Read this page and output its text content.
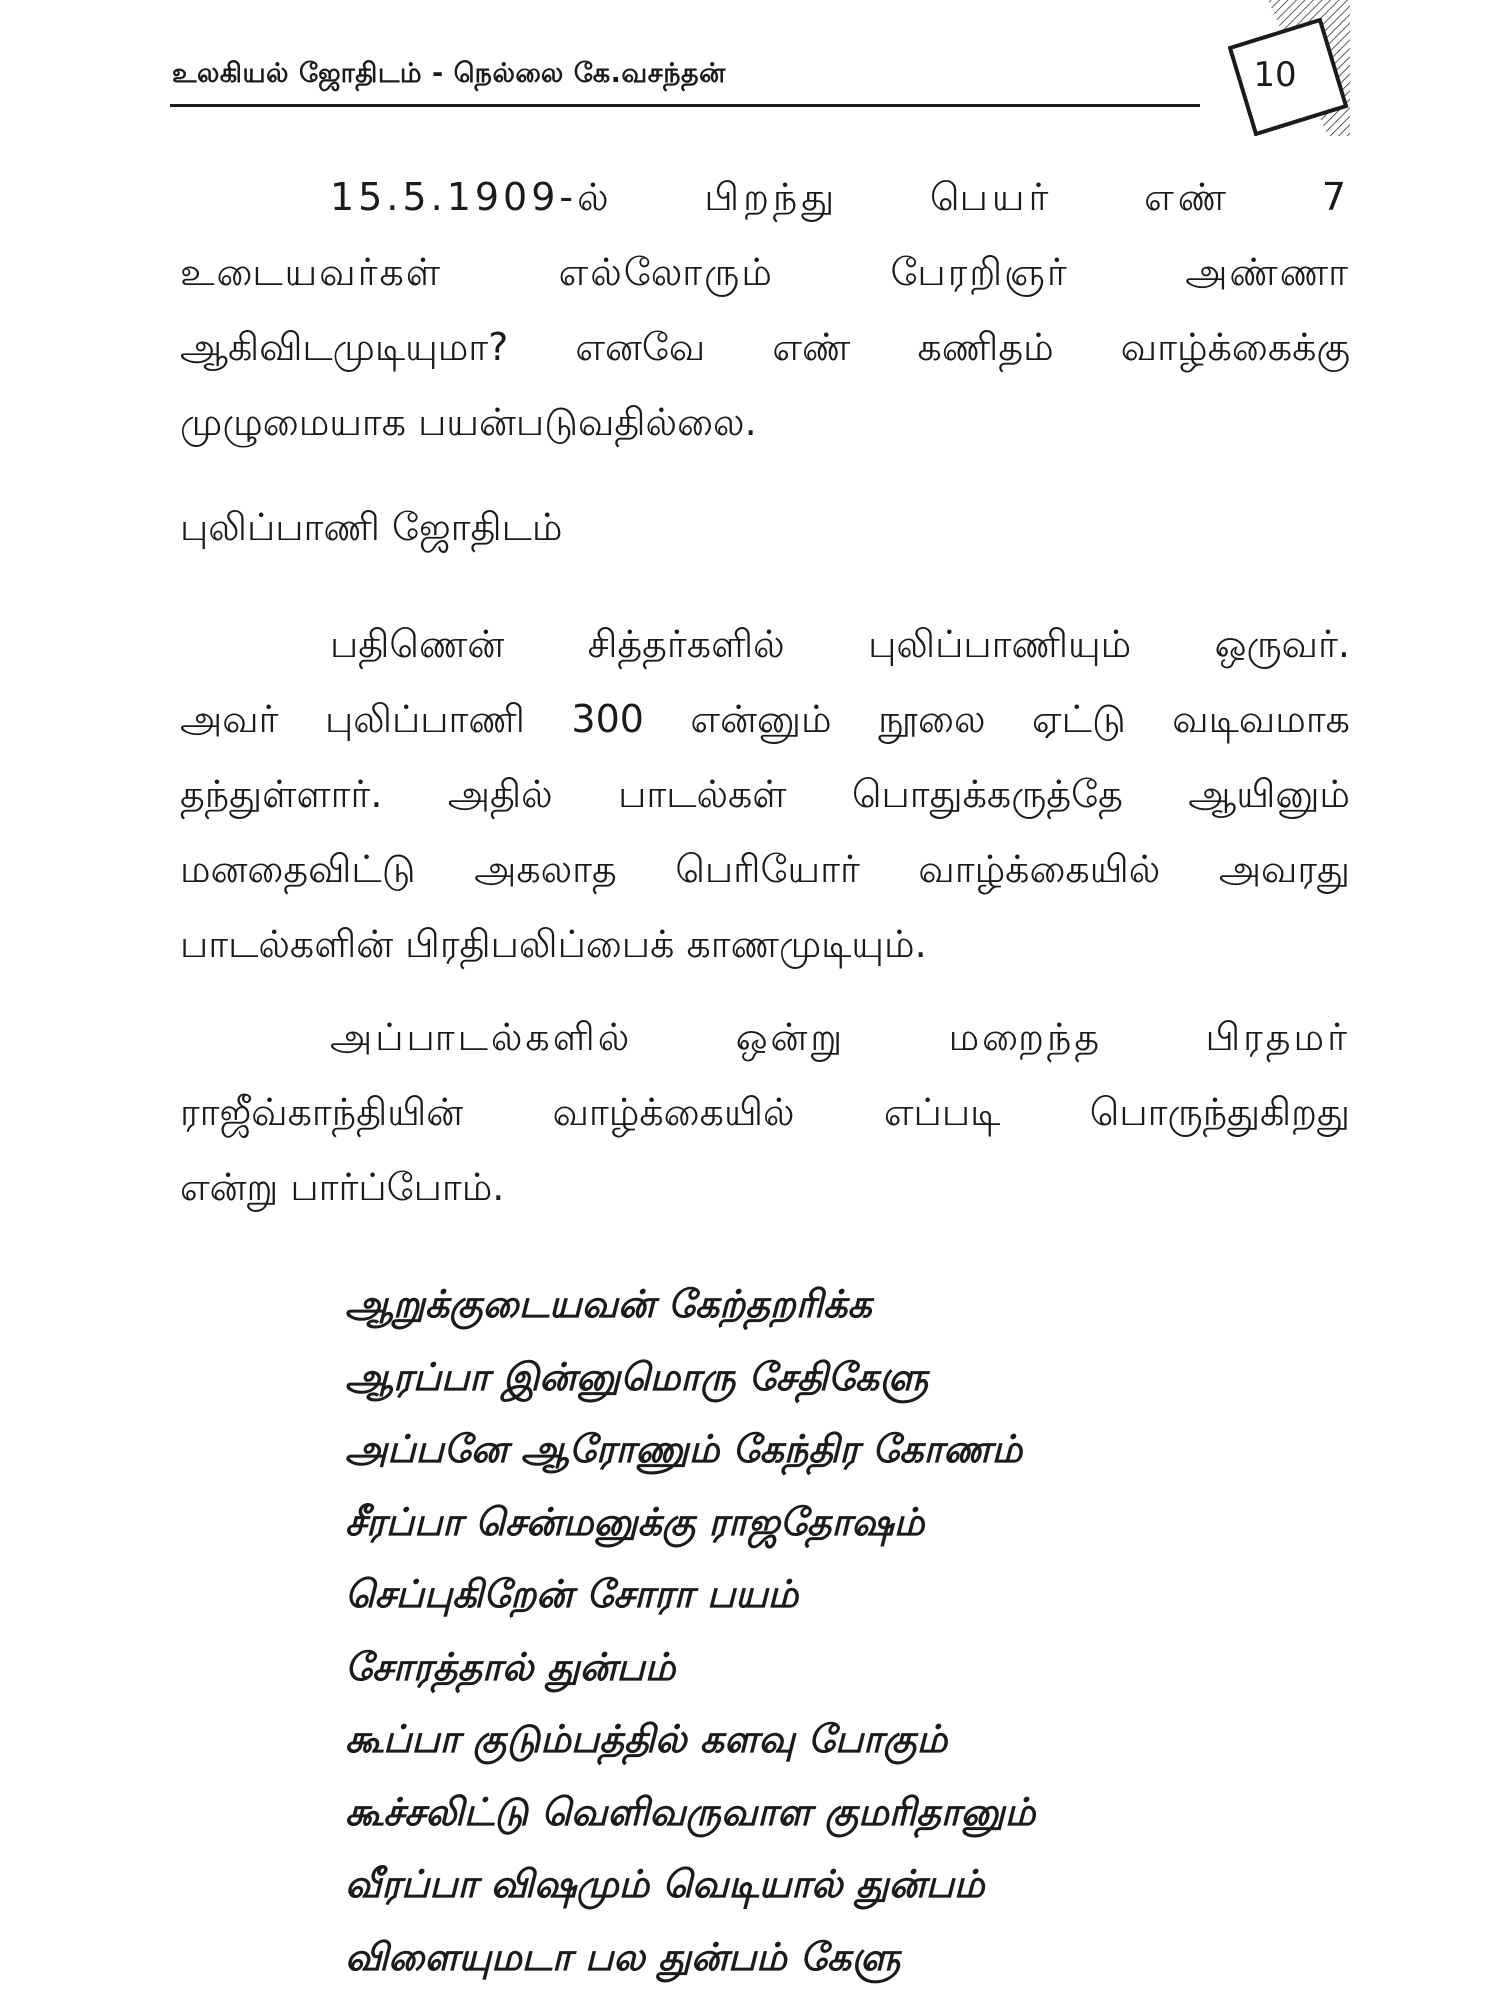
உலகியல் ஜோதிடம் - நெல்லை கே.வசந்தன்	10
15.5.1909-ல் பிறந்து பெயர் எண் 7
உடையவர்கள் எல்லோரும் பேரறிஞர் அண்ணா
ஆகிவிடமுடியுமா? எனவே எண் கணிதம் வாழ்க்கைக்கு
முழுமையாக பயன்படுவதில்லை.
புலிப்பாணி ஜோதிடம்
பதிணென் சித்தர்களில் புலிப்பாணியும் ஒருவர்.
அவர் புலிப்பாணி 300 என்னும் நூலை ஏட்டு வடிவமாக
தந்துள்ளார். அதில் பாடல்கள் பொதுக்கருத்தே ஆயினும்
மனதைவிட்டு அகலாத பெரியோர் வாழ்க்கையில் அவரது
பாடல்களின் பிரதிபலிப்பைக் காணமுடியும்.
அப்பாடல்களில் ஒன்று மறைந்த பிரதமர்
ராஜீவ்காந்தியின் வாழ்க்கையில் எப்படி பொருந்துகிறது
என்று பார்ப்போம்.
ஆறுக்குடையவன் கேற்தறரிக்க
ஆரப்பா இன்னுமொரு சேதிகேளு
அப்பனே ஆரோணும் கேந்திர கோணம்
சீரப்பா சென்மனுக்கு ராஜதோஷம்
செப்புகிறேன் சோரா பயம்
சோரத்தால் துன்பம்
கூப்பா குடும்பத்தில் களவு போகும்
கூச்சலிட்டு வெளிவருவாள குமரிதானும்
வீரப்பா விஷமும் வெடியால் துன்பம்
விளையுமடா பல துன்பம் கேளு
